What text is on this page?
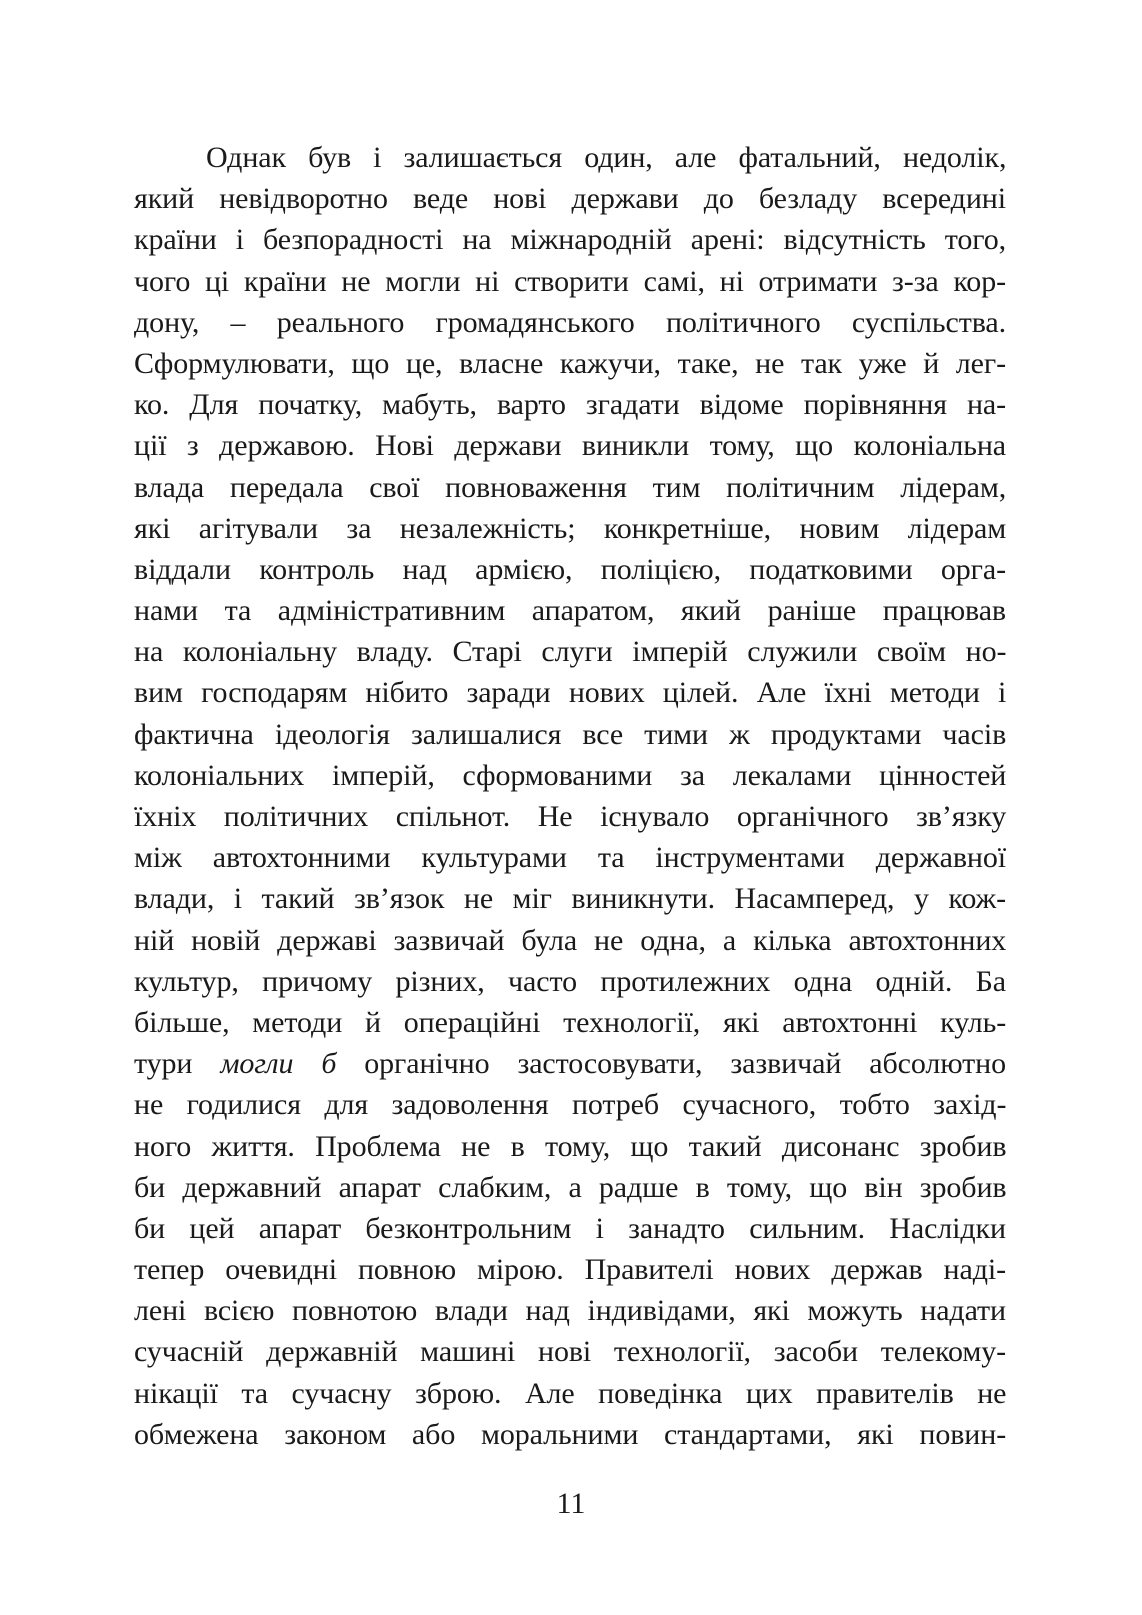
Однак був і залишається один, але фатальний, недолік,
який невідворотно веде нові держави до безладу всередині
країни і безпорадності на міжнародній арені: відсутність того,
чого ці країни не могли ні створити самі, ні отримати з-за кор-
дону, – реального громадянського політичного суспільства.
Сформулювати, що це, власне кажучи, таке, не так уже й лег-
ко. Для початку, мабуть, варто згадати відоме порівняння на-
ції з державою. Нові держави виникли тому, що колоніальна
влада передала свої повноваження тим політичним лідерам,
які агітували за незалежність; конкретніше, новим лідерам
віддали контроль над армією, поліцією, податковими орга-
нами та адміністративним апаратом, який раніше працював
на колоніальну владу. Старі слуги імперій служили своїм но-
вим господарям нібито заради нових цілей. Але їхні методи і
фактична ідеологія залишалися все тими ж продуктами часів
колоніальних імперій, сформованими за лекалами цінностей
їхніх політичних спільнот. Не існувало органічного зв’язку
між автохтонними культурами та інструментами державної
влади, і такий зв’язок не міг виникнути. Насамперед, у кож-
ній новій державі зазвичай була не одна, а кілька автохтонних
культур, причому різних, часто протилежних одна одній. Ба
більше, методи й операційні технології, які автохтонні куль-
тури могли б органічно застосовувати, зазвичай абсолютно
не годилися для задоволення потреб сучасного, тобто захід-
ного життя. Проблема не в тому, що такий дисонанс зробив
би державний апарат слабким, а радше в тому, що він зробив
би цей апарат безконтрольним і занадто сильним. Наслідки
тепер очевидні повною мірою. Правителі нових держав наді-
лені всією повнотою влади над індивідами, які можуть надати
сучасній державній машині нові технології, засоби телекому-
нікації та сучасну зброю. Але поведінка цих правителів не
обмежена законом або моральними стандартами, які повин-
11
